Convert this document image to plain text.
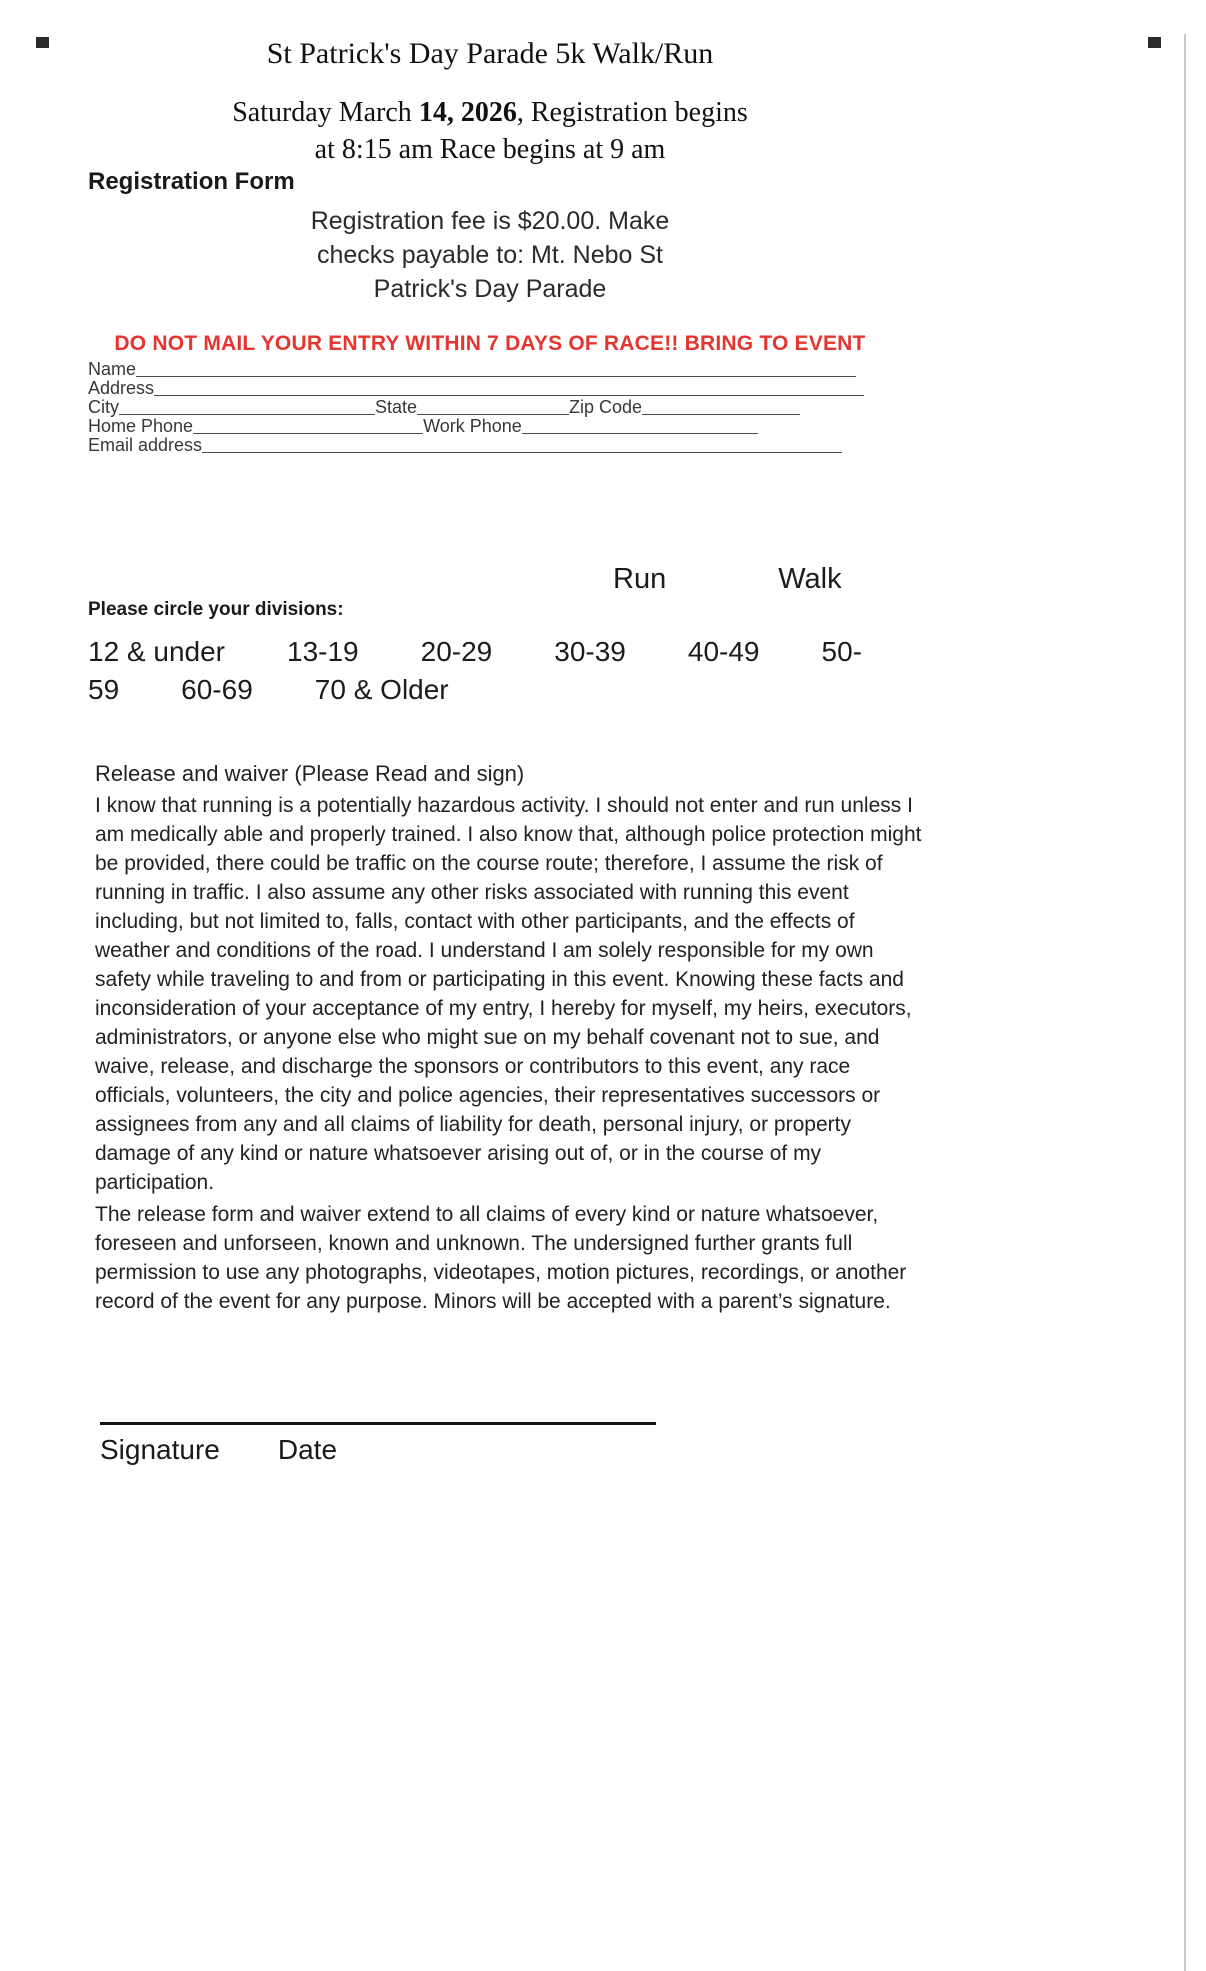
St Patrick's Day Parade 5k Walk/Run
Saturday March 14, 2026, Registration begins
at 8:15 am Race begins at 9 am
Registration Form
Registration fee is $20.00. Make
checks payable to: Mt. Nebo St
Patrick's Day Parade
DO NOT MAIL YOUR ENTRY WITHIN 7 DAYS OF RACE!! BRING TO EVENT
Name
Address
City	State	Zip Code
Home Phone	Work Phone
Email address
Run	Walk
Please circle your divisions:
12 & under 13-19 20-29 30-39 40-49 50-
59 60-69 70 & Older
Release and waiver (Please Read and sign)

I know that running is a potentially hazardous activity. I should not enter and run unless I am medically able and properly trained. I also know that, although police protection might be provided, there could be traffic on the course route; therefore, I assume the risk of running in traffic. I also assume any other risks associated with running this event including, but not limited to, falls, contact with other participants, and the effects of weather and conditions of the road. I understand I am solely responsible for my own safety while traveling to and from or participating in this event. Knowing these facts and inconsideration of your acceptance of my entry, I hereby for myself, my heirs, executors, administrators, or anyone else who might sue on my behalf covenant not to sue, and waive, release, and discharge the sponsors or contributors to this event, any race officials, volunteers, the city and police agencies, their representatives successors or assignees from any and all claims of liability for death, personal injury, or property damage of any kind or nature whatsoever arising out of, or in the course of my participation.

The release form and waiver extend to all claims of every kind or nature whatsoever, foreseen and unforseen, known and unknown. The undersigned further grants full permission to use any photographs, videotapes, motion pictures, recordings, or another record of the event for any purpose. Minors will be accepted with a parent’s signature.

Signature Date
